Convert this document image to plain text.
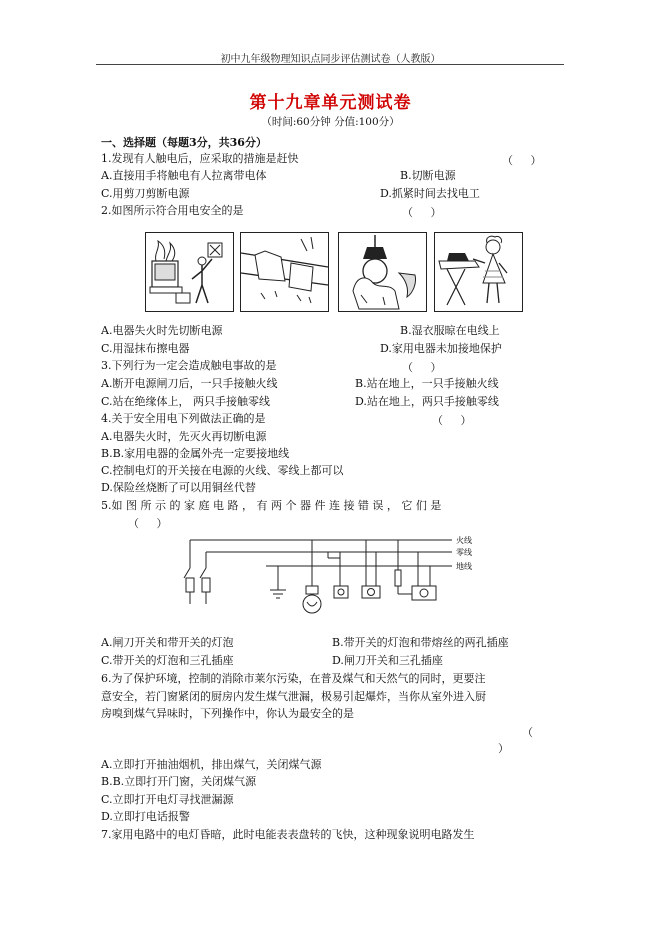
初中九年级物理知识点同步评估测试卷（人教版）
第十九章单元测试卷
（时间:60分钟 分值:100分）
一、选择题（每题3分，共36分）
1.发现有人触电后，应采取的措施是赶快	（     ）
A.直接用手将触电有人拉离带电体	B.切断电源
C.用剪刀剪断电源	D.抓紧时间去找电工
2.如图所示符合用电安全的是	（     ）
A.电器失火时先切断电源	B.湿衣服晾在电线上
C.用湿抹布擦电器	D.家用电器未加接地保护
3.下列行为一定会造成触电事故的是	（     ）
A.断开电源闸刀后，一只手接触火线	B.站在地上，一只手接触火线
C.站在绝缘体上， 两只手接触零线	D.站在地上，两只手接触零线
4.关于安全用电下列做法正确的是	（     ）
A.电器失火时，先灭火再切断电源
B.B.家用电器的金属外壳一定要接地线
C.控制电灯的开关接在电源的火线、零线上都可以
D.保险丝烧断了可以用铜丝代替
5.如 图 所 示 的 家 庭 电 路 ， 有 两 个 器 件 连 接 错 误 ， 它 们 是
（     ）
火线
零线
地线
A.闸刀开关和带开关的灯泡	B.带开关的灯泡和带熔丝的两孔插座
C.带开关的灯泡和三孔插座	D.闸刀开关和三孔插座
6.为了保护环境，控制的消除市莱尔污染，在普及煤气和天然气的同时，更要注
意安全，若门窗紧闭的厨房内发生煤气泄漏，极易引起爆炸，当你从室外进入厨
房嗅到煤气异味时，下列操作中，你认为最安全的是
（
）
A.立即打开抽油烟机，排出煤气，关闭煤气源
B.B.立即打开门窗，关闭煤气源
C.立即打开电灯寻找泄漏源
D.立即打电话报警
7.家用电路中的电灯昏暗，此时电能表表盘转的飞快，这种现象说明电路发生
